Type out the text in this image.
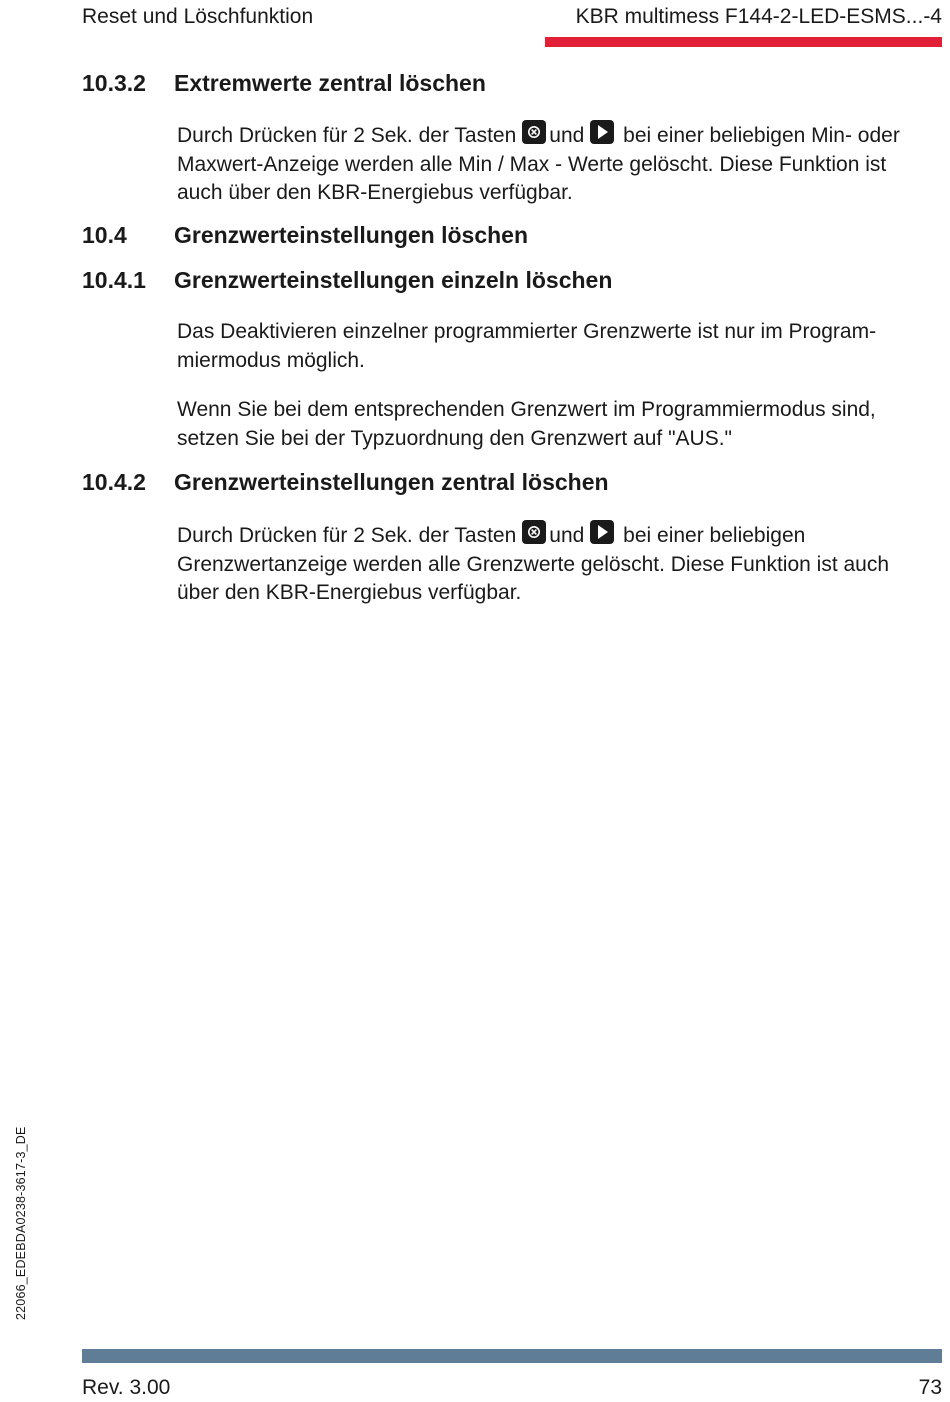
Reset und Löschfunktion	KBR multimess F144-2-LED-ESMS...-4
10.3.2 Extremwerte zentral löschen

Durch Drücken für 2 Sek. der Tasten und bei einer beliebigen Min- oder Maxwert-Anzeige werden alle Min / Max - Werte gelöscht. Diese Funktion ist auch über den KBR-Energiebus verfügbar.

10.4 Grenzwerteinstellungen löschen
10.4.1 Grenzwerteinstellungen einzeln löschen

Das Deaktivieren einzelner programmierter Grenzwerte ist nur im Program-miermodus möglich.

Wenn Sie bei dem entsprechenden Grenzwert im Programmiermodus sind, setzen Sie bei der Typzuordnung den Grenzwert auf "AUS."

10.4.2 Grenzwerteinstellungen zentral löschen

Durch Drücken für 2 Sek. der Tasten und bei einer beliebigen Grenzwertanzeige werden alle Grenzwerte gelöscht. Diese Funktion ist auch über den KBR-Energiebus verfügbar.

22066_EDEBDA0238-3617-3_DE
Rev. 3.00	73
